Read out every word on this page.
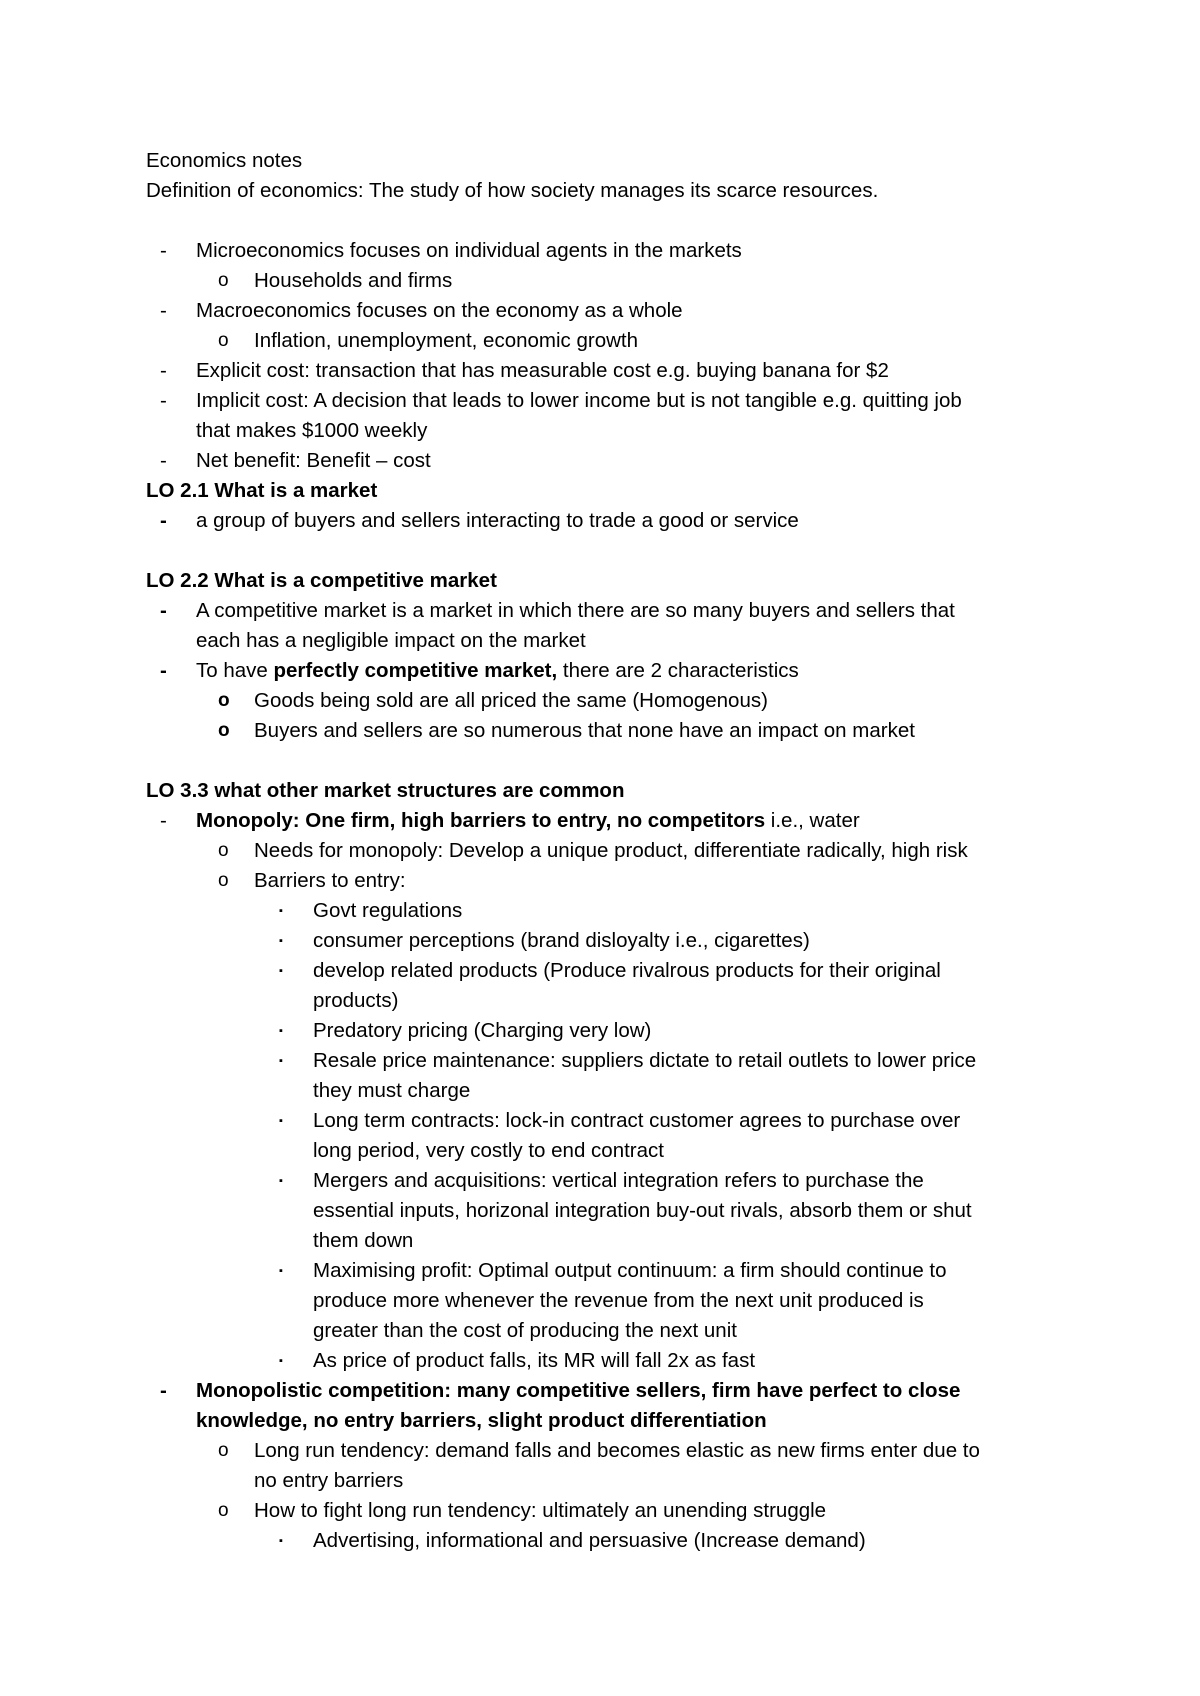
Economics notes
Definition of economics: The study of how society manages its scarce resources.
- Microeconomics focuses on individual agents in the markets
o Households and firms
- Macroeconomics focuses on the economy as a whole
o Inflation, unemployment, economic growth
- Explicit cost: transaction that has measurable cost e.g. buying banana for $2
- Implicit cost: A decision that leads to lower income but is not tangible e.g. quitting job
that makes $1000 weekly
- Net benefit: Benefit – cost
LO 2.1 What is a market
- a group of buyers and sellers interacting to trade a good or service
LO 2.2 What is a competitive market
- A competitive market is a market in which there are so many buyers and sellers that
each has a negligible impact on the market
- To have perfectly competitive market, there are 2 characteristics
o Goods being sold are all priced the same (Homogenous)
o Buyers and sellers are so numerous that none have an impact on market
LO 3.3 what other market structures are common
- Monopoly: One firm, high barriers to entry, no competitors i.e., water
o Needs for monopoly: Develop a unique product, differentiate radically, high risk
o Barriers to entry:
▪ Govt regulations
▪ consumer perceptions (brand disloyalty i.e., cigarettes)
▪ develop related products (Produce rivalrous products for their original
products)
▪ Predatory pricing (Charging very low)
▪ Resale price maintenance: suppliers dictate to retail outlets to lower price
they must charge
▪ Long term contracts: lock-in contract customer agrees to purchase over
long period, very costly to end contract
▪ Mergers and acquisitions: vertical integration refers to purchase the
essential inputs, horizonal integration buy-out rivals, absorb them or shut
them down
▪ Maximising profit: Optimal output continuum: a firm should continue to
produce more whenever the revenue from the next unit produced is
greater than the cost of producing the next unit
▪ As price of product falls, its MR will fall 2x as fast
- Monopolistic competition: many competitive sellers, firm have perfect to close
knowledge, no entry barriers, slight product differentiation
o Long run tendency: demand falls and becomes elastic as new firms enter due to
no entry barriers
o How to fight long run tendency: ultimately an unending struggle
▪ Advertising, informational and persuasive (Increase demand)
